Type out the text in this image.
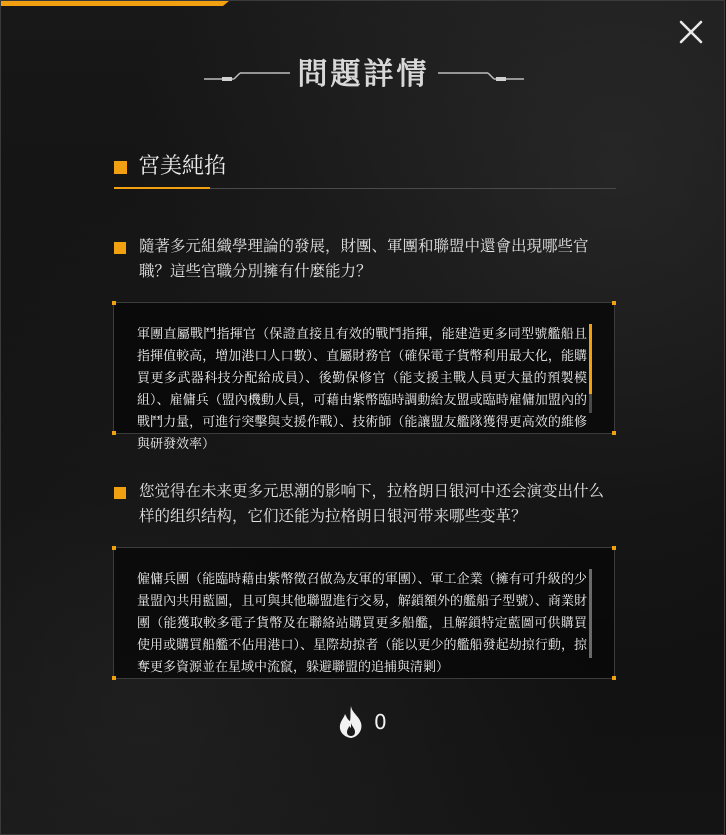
問題詳情
宮美純掐
隨著多元組織學理論的發展，財團、軍團和聯盟中還會出現哪些官職？這些官職分別擁有什麼能力？
軍團直屬戰鬥指揮官（保證直接且有效的戰鬥指揮，能建造更多同型號艦船且指揮值較高，增加港口人口數）、直屬財務官（確保電子貨幣利用最大化，能購買更多武器科技分配給成員）、後勤保修官（能支援主戰人員更大量的預製模組）、雇傭兵（盟內機動人員，可藉由紫幣臨時調動給友盟或臨時雇傭加盟內的戰鬥力量，可進行突擊與支援作戰）、技術師（能讓盟友艦隊獲得更高效的維修與研發效率）
您觉得在未来更多元思潮的影响下，拉格朗日银河中还会演变出什么样的组织结构，它们还能为拉格朗日银河带来哪些变革？
僱傭兵團（能臨時藉由紫幣徵召做為友軍的軍團）、軍工企業（擁有可升級的少量盟內共用藍圖，且可與其他聯盟進行交易，解鎖額外的艦船子型號）、商業財團（能獲取較多電子貨幣及在聯絡站購買更多船艦，且解鎖特定藍圖可供購買使用或購買船艦不佔用港口）、星際劫掠者（能以更少的艦船發起劫掠行動，掠奪更多資源並在星域中流竄，躲避聯盟的追捕與清剿）
0
